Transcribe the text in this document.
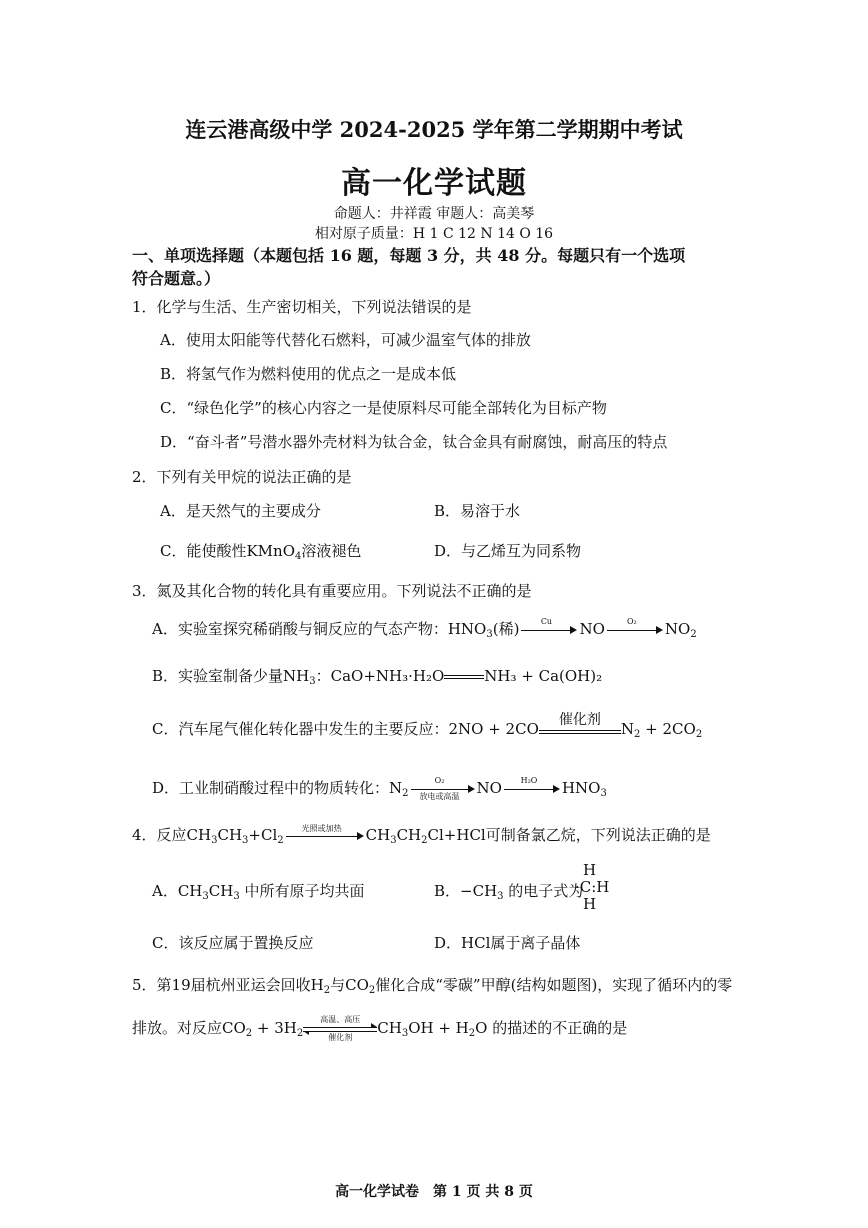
连云港高级中学 2024-2025 学年第二学期期中考试
高一化学试题
命题人：井祥霞 审题人：高美琴
相对原子质量：H 1 C 12 N 14 O 16
一、单项选择题（本题包括 16 题，每题 3 分，共 48 分。每题只有一个选项
符合题意。）
1．化学与生活、生产密切相关，下列说法错误的是
A．使用太阳能等代替化石燃料，可减少温室气体的排放
B．将氢气作为燃料使用的优点之一是成本低
C．“绿色化学”的核心内容之一是使原料尽可能全部转化为目标产物
D．“奋斗者”号潜水器外壳材料为钛合金，钛合金具有耐腐蚀，耐高压的特点
2．下列有关甲烷的说法正确的是
A．是天然气的主要成分	B．易溶于水
C．能使酸性KMnO$_4$溶液褪色	D．与乙烯互为同系物
3．氮及其化合物的转化具有重要应用。下列说法不正确的是
A．实验室探究稀硝酸与铜反应的气态产物：$HNO_3$(稀)	Cu	NO	O₂	$NO_2$
B．实验室制备少量$NH_3$：CaO+NH₃·H₂O	NH₃ + Ca(OH)₂
C．汽车尾气催化转化器中发生的主要反应：2NO + 2CO	催化剂	$N_2 + 2CO_2$
D．工业制硝酸过程中的物质转化：$N_2$
O₂
放电或高温	NO	H₂O	$HNO_3$
4．反应$CH_3CH_3+Cl_2$
光照或加热	$CH_3CH_2Cl+HCl$可制备氯乙烷，下列说法正确的是
A．$CH_3CH_3$ 中所有原子均共面	B．$-CH_3$ 的电子式为
H
·C:H
H
C．该反应属于置换反应	D．HCl属于离子晶体
5．第19届杭州亚运会回收$H_2$与$CO_2$催化合成“零碳”甲醇(结构如题图)，实现了循环内的零
排放。对反应$CO_2 + 3H_2$
高温、高压
催化剂
$CH_3OH + H_2O$ 的描述的不正确的是
高一化学试卷　第 1 页 共 8 页
